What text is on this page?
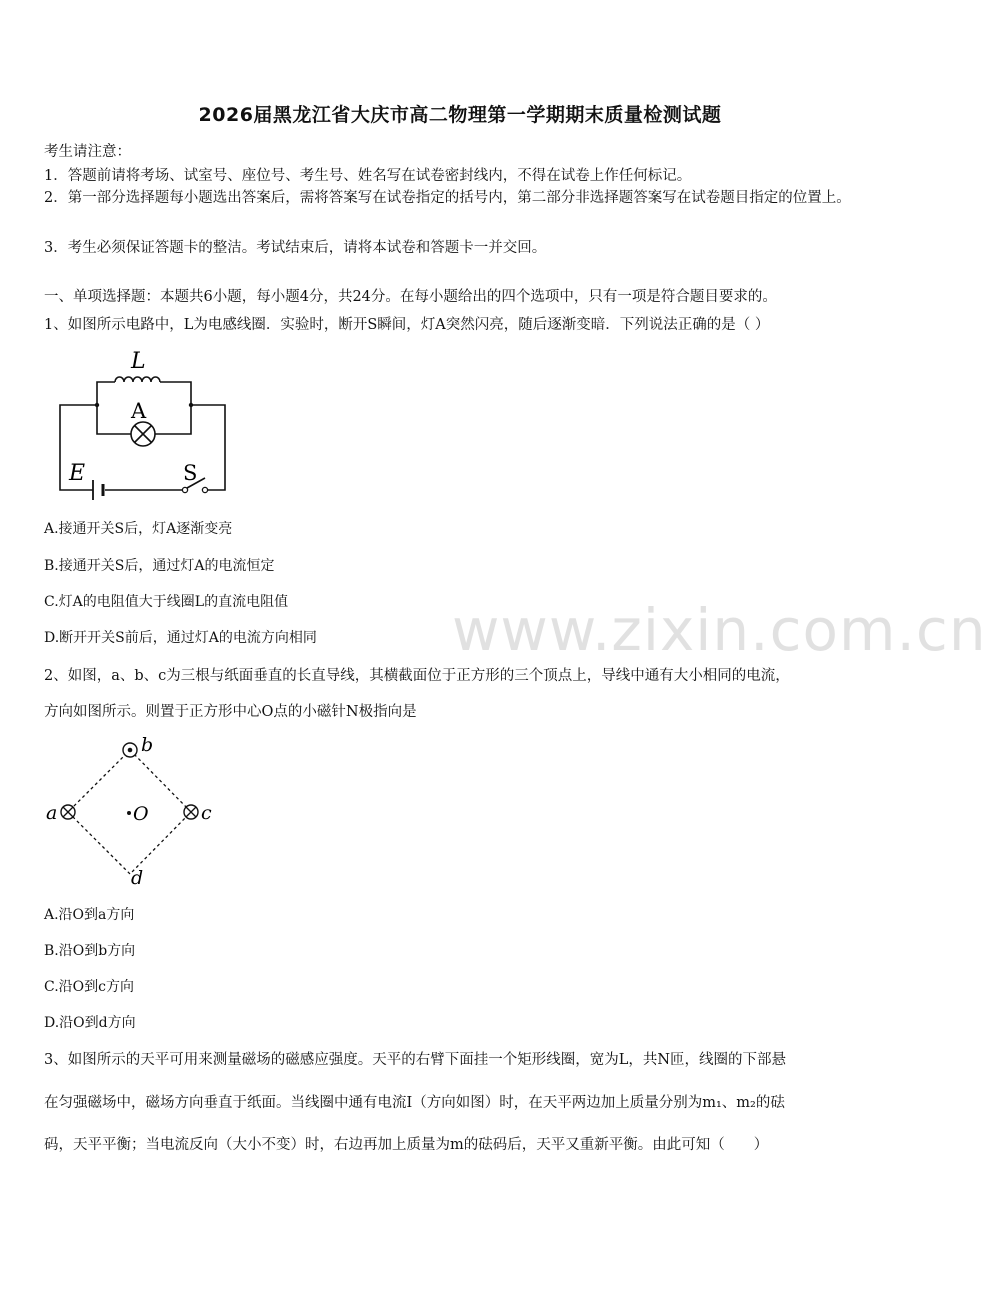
2026届黑龙江省大庆市高二物理第一学期期末质量检测试题
考生请注意：
1．答题前请将考场、试室号、座位号、考生号、姓名写在试卷密封线内，不得在试卷上作任何标记。
2．第一部分选择题每小题选出答案后，需将答案写在试卷指定的括号内，第二部分非选择题答案写在试卷题目指定的位置上。
3．考生必须保证答题卡的整洁。考试结束后，请将本试卷和答题卡一并交回。
一、单项选择题：本题共6小题，每小题4分，共24分。在每小题给出的四个选项中，只有一项是符合题目要求的。
1、如图所示电路中，L为电感线圈．实验时，断开S瞬间，灯A突然闪亮，随后逐渐变暗．下列说法正确的是（ ）
L
A
E	S
A.接通开关S后，灯A逐渐变亮
B.接通开关S后，通过灯A的电流恒定
C.灯A的电阻值大于线圈L的直流电阻值
D.断开开关S前后，通过灯A的电流方向相同
2、如图，a、b、c为三根与纸面垂直的长直导线，其横截面位于正方形的三个顶点上，导线中通有大小相同的电流，
方向如图所示。则置于正方形中心O点的小磁针N极指向是
b
a	c
d
O
A.沿O到a方向
B.沿O到b方向
C.沿O到c方向
D.沿O到d方向
3、如图所示的天平可用来测量磁场的磁感应强度。天平的右臂下面挂一个矩形线圈，宽为L，共N匝，线圈的下部悬
在匀强磁场中，磁场方向垂直于纸面。当线圈中通有电流I（方向如图）时，在天平两边加上质量分别为m₁、m₂的砝
码，天平平衡；当电流反向（大小不变）时，右边再加上质量为m的砝码后，天平又重新平衡。由此可知（　　）
www.zixin.com.cn
